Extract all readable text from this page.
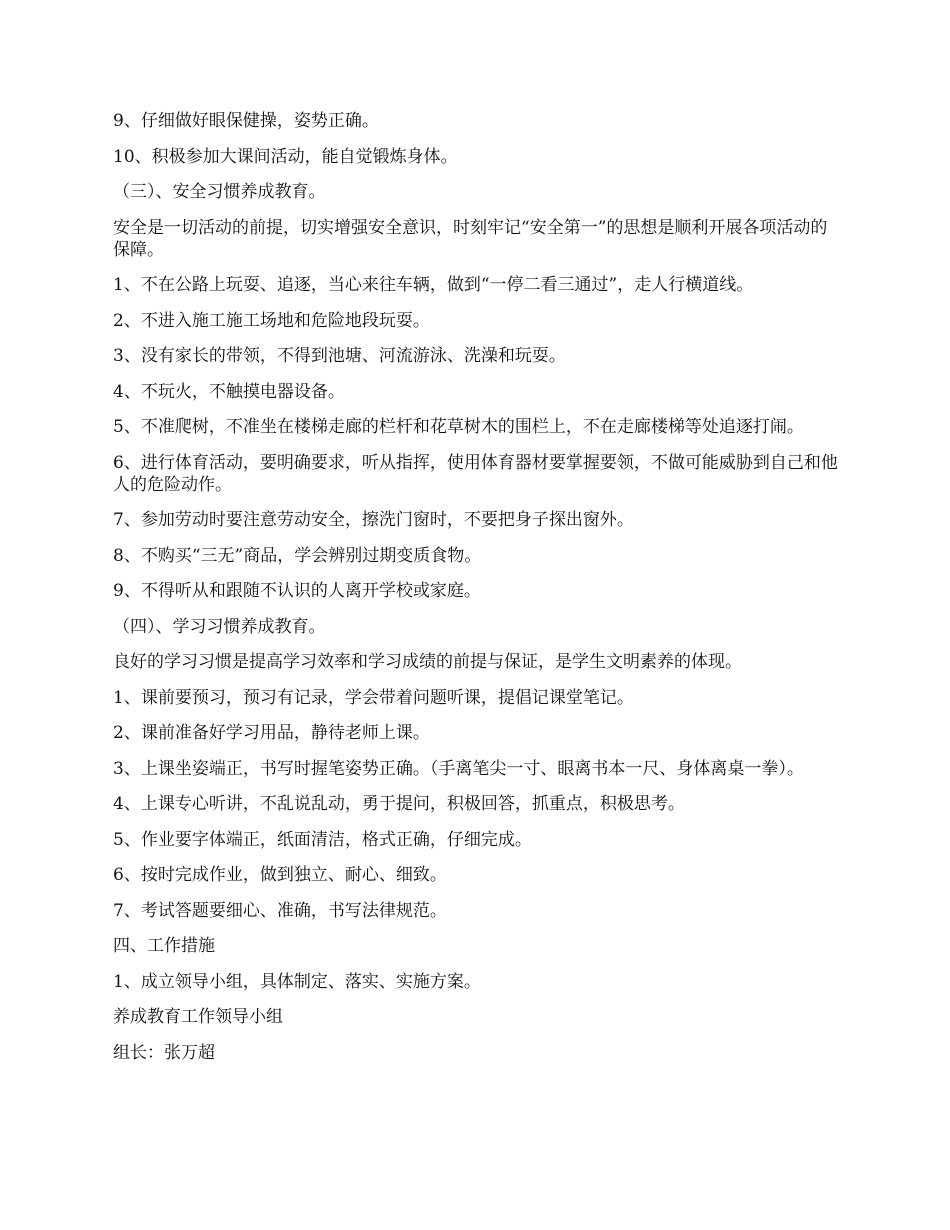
9、仔细做好眼保健操，姿势正确。

10、积极参加大课间活动，能自觉锻炼身体。

（三）、安全习惯养成教育。

安全是一切活动的前提，切实增强安全意识，时刻牢记“安全第一”的思想是顺利开展各项活动的保障。

1、不在公路上玩耍、追逐，当心来往车辆，做到“一停二看三通过”，走人行横道线。

2、不进入施工施工场地和危险地段玩耍。

3、没有家长的带领，不得到池塘、河流游泳、洗澡和玩耍。

4、不玩火，不触摸电器设备。

5、不准爬树，不准坐在楼梯走廊的栏杆和花草树木的围栏上，不在走廊楼梯等处追逐打闹。

6、进行体育活动，要明确要求，听从指挥，使用体育器材要掌握要领，不做可能威胁到自己和他人的危险动作。

7、参加劳动时要注意劳动安全，擦洗门窗时，不要把身子探出窗外。

8、不购买“三无”商品，学会辨别过期变质食物。

9、不得听从和跟随不认识的人离开学校或家庭。

（四）、学习习惯养成教育。

良好的学习习惯是提高学习效率和学习成绩的前提与保证，是学生文明素养的体现。

1、课前要预习，预习有记录，学会带着问题听课，提倡记课堂笔记。

2、课前准备好学习用品，静待老师上课。

3、上课坐姿端正，书写时握笔姿势正确。（手离笔尖一寸、眼离书本一尺、身体离桌一拳）。

4、上课专心听讲，不乱说乱动，勇于提问，积极回答，抓重点，积极思考。

5、作业要字体端正，纸面清洁，格式正确，仔细完成。

6、按时完成作业，做到独立、耐心、细致。

7、考试答题要细心、准确，书写法律规范。

四、工作措施

1、成立领导小组，具体制定、落实、实施方案。

养成教育工作领导小组

组长：张万超
